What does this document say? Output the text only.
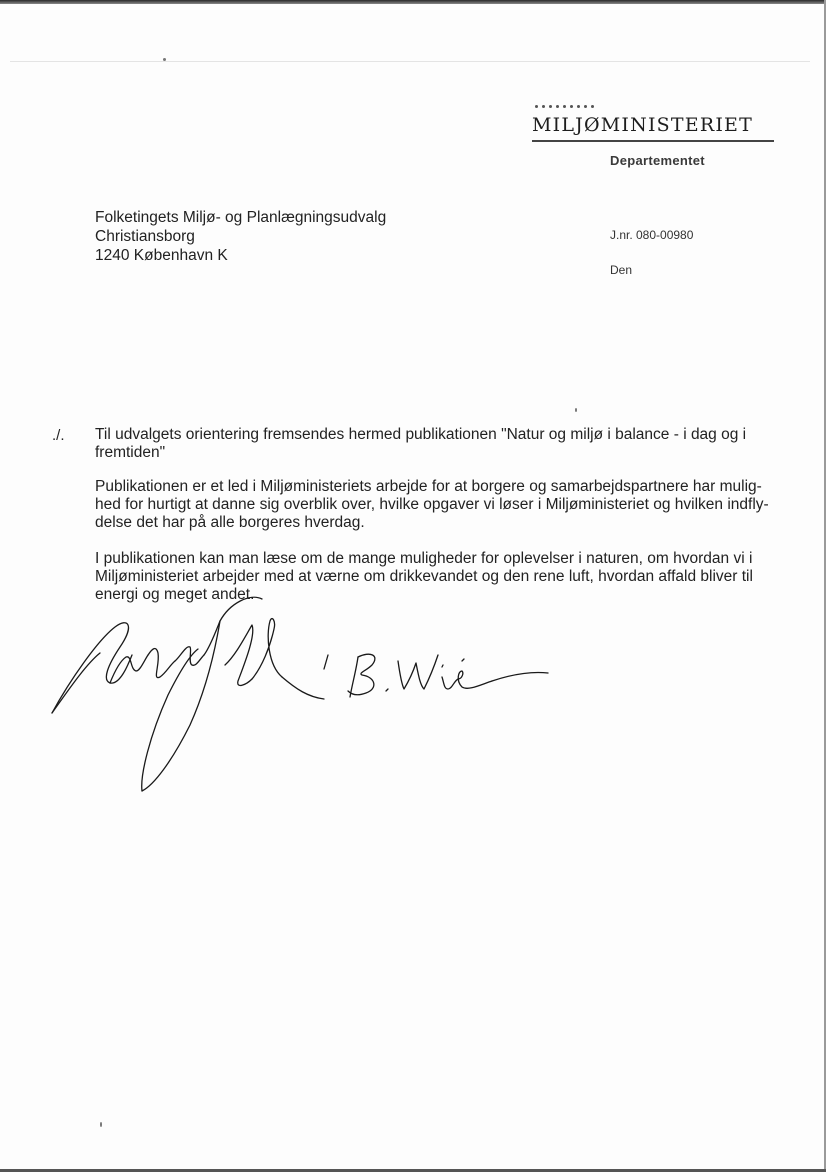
MILJØMINISTERIET
Departementet
Folketingets Miljø- og Planlægningsudvalg
Christiansborg
1240 København K
J.nr. 080-00980
Den
./. Til udvalgets orientering fremsendes hermed publikationen "Natur og miljø i balance - i dag og i
fremtiden"
Publikationen er et led i Miljøministeriets arbejde for at borgere og samarbejdspartnere har mulig-
hed for hurtigt at danne sig overblik over, hvilke opgaver vi løser i Miljøministeriet og hvilken indfly-
delse det har på alle borgeres hverdag.
I publikationen kan man læse om de mange muligheder for oplevelser i naturen, om hvordan vi i
Miljøministeriet arbejder med at værne om drikkevandet og den rene luft, hvordan affald bliver til
energi og meget andet.
